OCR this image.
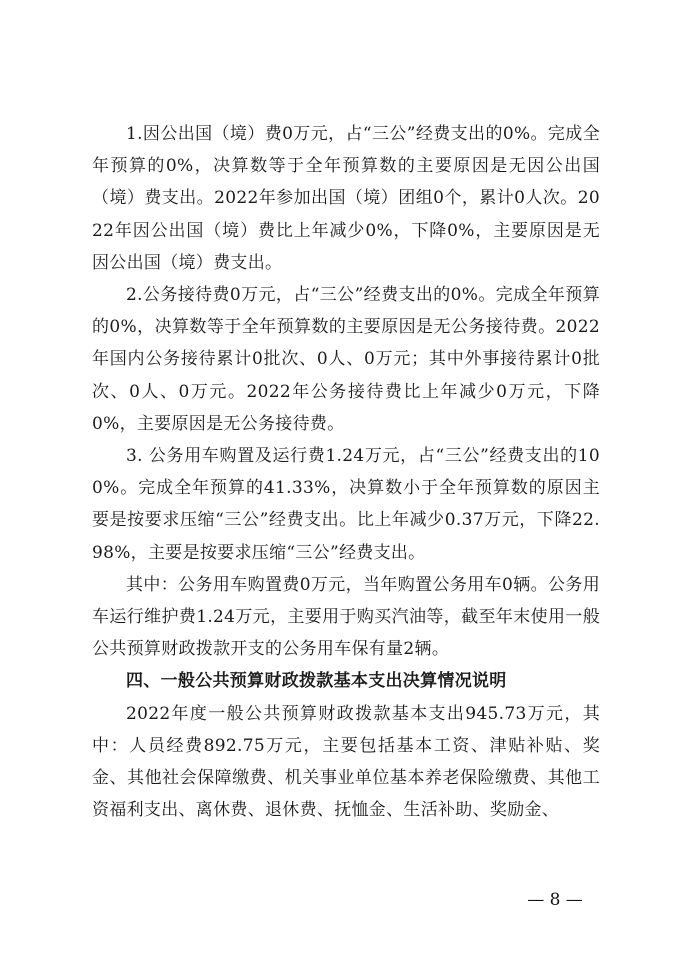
1.因公出国（境）费0万元，占“三公”经费支出的0%。完成全年预算的0%，决算数等于全年预算数的主要原因是无因公出国（境）费支出。2022年参加出国（境）团组0个，累计0人次。2022年因公出国（境）费比上年减少0%，下降0%，主要原因是无因公出国（境）费支出。

2.公务接待费0万元，占“三公”经费支出的0%。完成全年预算的0%，决算数等于全年预算数的主要原因是无公务接待费。2022年国内公务接待累计0批次、0人、0万元；其中外事接待累计0批次、0人、0万元。2022年公务接待费比上年减少0万元，下降0%，主要原因是无公务接待费。

3. 公务用车购置及运行费1.24万元，占“三公”经费支出的100%。完成全年预算的41.33%，决算数小于全年预算数的原因主要是按要求压缩“三公”经费支出。比上年减少0.37万元，下降22.98%，主要是按要求压缩“三公”经费支出。

其中：公务用车购置费0万元，当年购置公务用车0辆。公务用车运行维护费1.24万元，主要用于购买汽油等，截至年末使用一般公共预算财政拨款开支的公务用车保有量2辆。

四、一般公共预算财政拨款基本支出决算情况说明

2022年度一般公共预算财政拨款基本支出945.73万元，其中：人员经费892.75万元，主要包括基本工资、津贴补贴、奖金、其他社会保障缴费、机关事业单位基本养老保险缴费、其他工资福利支出、离休费、退休费、抚恤金、生活补助、奖励金、

— 8 —
